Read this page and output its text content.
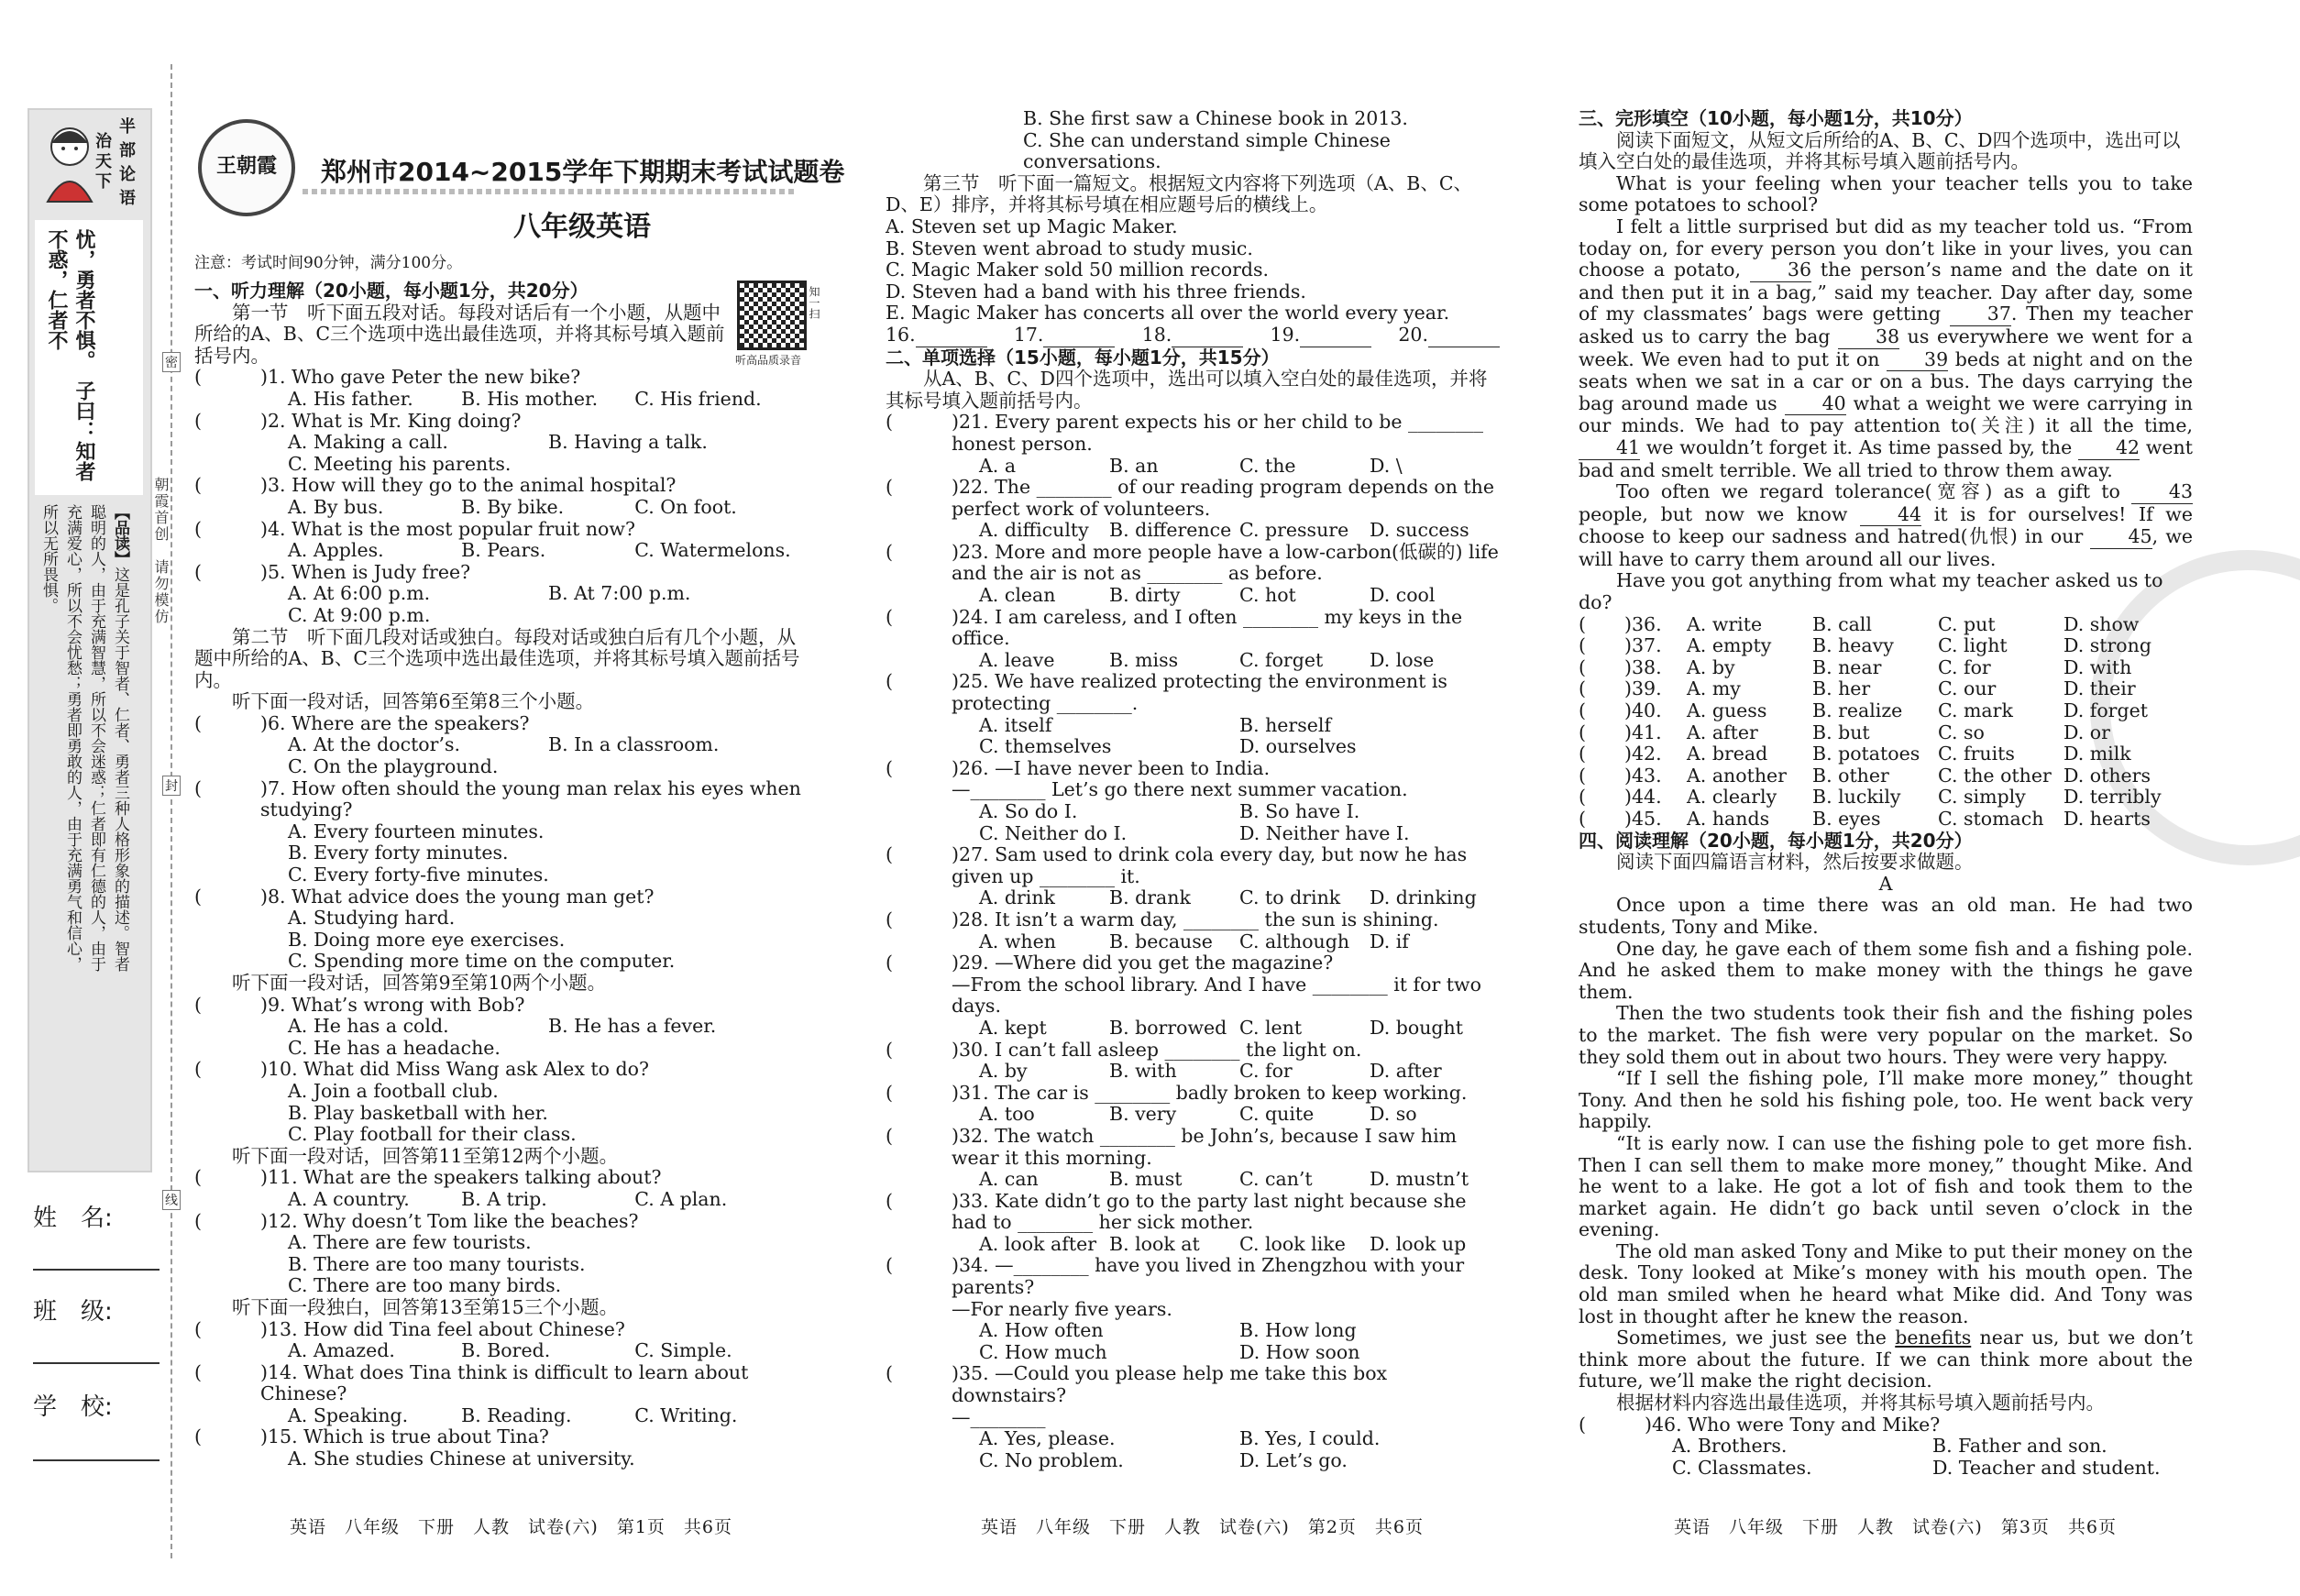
半
部
论
语
治天下
忧，勇者不惧。　子曰：知者不惑，仁者不
【品读】这是孔子关于智者、仁者、勇者三种人格形象的描述。智者聪明的人，由于充满智慧，所以不会迷惑；仁者即有仁德的人，由于充满爱心，所以不会忧愁；勇者即勇敢的人，由于充满勇气和信心，所以无所畏惧。	朝霞首创　请勿模仿
密
封
线
姓　名:
班　级:
学　校:
王朝霞	郑州市2014~2015学年下期期末考试试题卷
八年级英语
注意：考试时间90分钟，满分100分。
知一扫
听高品质录音
一、听力理解（20小题，每小题1分，共20分）

第一节　听下面五段对话。每段对话后有一个小题，从题中所给的A、B、C三个选项中选出最佳选项，并将其标号填入题前括号内。

(	)1. Who gave Peter the new bike?
A. His father.	B. His mother.	C. His friend.
(	)2. What is Mr. King doing?
A. Making a call.	B. Having a talk.
C. Meeting his parents.
(	)3. How will they go to the animal hospital?
A. By bus.	B. By bike.	C. On foot.
(	)4. What is the most popular fruit now?
A. Apples.	B. Pears.	C. Watermelons.
(	)5. When is Judy free?
A. At 6:00 p.m.	B. At 7:00 p.m.
C. At 9:00 p.m.

第二节　听下面几段对话或独白。每段对话或独白后有几个小题，从题中所给的A、B、C三个选项中选出最佳选项，并将其标号填入题前括号内。

听下面一段对话，回答第6至第8三个小题。

(	)6. Where are the speakers?
A. At the doctor’s.	B. In a classroom.
C. On the playground.
(	)7. How often should the young man relax his eyes when studying?
A. Every fourteen minutes.
B. Every forty minutes.
C. Every forty-five minutes.
(	)8. What advice does the young man get?
A. Studying hard.
B. Doing more eye exercises.
C. Spending more time on the computer.

听下面一段对话，回答第9至第10两个小题。

(	)9. What’s wrong with Bob?
A. He has a cold.	B. He has a fever.
C. He has a headache.
(	)10. What did Miss Wang ask Alex to do?
A. Join a football club.
B. Play basketball with her.
C. Play football for their class.

听下面一段对话，回答第11至第12两个小题。

(	)11. What are the speakers talking about?
A. A country.	B. A trip.	C. A plan.
(	)12. Why doesn’t Tom like the beaches?
A. There are few tourists.
B. There are too many tourists.
C. There are too many birds.

听下面一段独白，回答第13至第15三个小题。

(	)13. How did Tina feel about Chinese?
A. Amazed.	B. Bored.	C. Simple.
(	)14. What does Tina think is difficult to learn about Chinese?
A. Speaking.	B. Reading.	C. Writing.
(	)15. Which is true about Tina?
A. She studies Chinese at university.
B. She first saw a Chinese book in 2013.
C. She can understand simple Chinese conversations.

第三节　听下面一篇短文。根据短文内容将下列选项（A、B、C、D、E）排序，并将其标号填在相应题号后的横线上。

A. Steven set up Magic Maker.
B. Steven went abroad to study music.
C. Magic Maker sold 50 million records.
D. Steven had a band with his three friends.
E. Magic Maker has concerts all over the world every year.
16.	17.	18.	19.	20.
二、单项选择（15小题，每小题1分，共15分）

从A、B、C、D四个选项中，选出可以填入空白处的最佳选项，并将其标号填入题前括号内。

(	)21. Every parent expects his or her child to be ________ honest person.
A. a	B. an	C. the	D. \
(	)22. The ________ of our reading program depends on the perfect work of volunteers.
A. difficulty	B. difference C. pressure	D. success
(	)23. More and more people have a low-carbon(低碳的) life and the air is not as ________ as before.
A. clean	B. dirty	C. hot	D. cool
(	)24. I am careless, and I often ________ my keys in the office.
A. leave	B. miss	C. forget	D. lose
(	)25. We have realized protecting the environment is protecting ________.
A. itself	B. herself
C. themselves	D. ourselves
(	)26. —I have never been to India.
—________ Let’s go there next summer vacation.
A. So do I.	B. So have I.
C. Neither do I.	D. Neither have I.
(	)27. Sam used to drink cola every day, but now he has given up ________ it.
A. drink	B. drank	C. to drink	D. drinking
(	)28. It isn’t a warm day, ________ the sun is shining.
A. when	B. because	C. although	D. if
(	)29. —Where did you get the magazine?
—From the school library. And I have ________ it for two days.
A. kept	B. borrowed C. lent	D. bought
(	)30. I can’t fall asleep ________ the light on.
A. by	B. with	C. for	D. after
(	)31. The car is ________ badly broken to keep working.
A. too	B. very	C. quite	D. so
(	)32. The watch ________ be John’s, because I saw him wear it this morning.
A. can	B. must	C. can’t	D. mustn’t
(	)33. Kate didn’t go to the party last night because she had to ________ her sick mother.
A. look after B. look at	C. look like	D. look up
(	)34. —________ have you lived in Zhengzhou with your parents?
—For nearly five years.
A. How often	B. How long
C. How much	D. How soon
(	)35. —Could you please help me take this box downstairs?
—________
A. Yes, please.	B. Yes, I could.
C. No problem.	D. Let’s go.
三、完形填空（10小题，每小题1分，共10分）

阅读下面短文，从短文后所给的A、B、C、D四个选项中，选出可以填入空白处的最佳选项，并将其标号填入题前括号内。

What is your feeling when your teacher tells you to take some potatoes to school?

I felt a little surprised but did as my teacher told us. “From today on, for every person you don’t like in your lives, you can choose a potato, 36 the person’s name and the date on it and then put it in a bag,” said my teacher. Day after day, some of my classmates’ bags were getting 37. Then my teacher asked us to carry the bag 38 us everywhere we went for a week. We even had to put it on 39 beds at night and on the seats when we sat in a car or on a bus. The days carrying the bag around made us 40 what a weight we were carrying in our minds. We had to pay attention to(关注) it all the time, 41 we wouldn’t forget it. As time passed by, the 42 went bad and smelt terrible. We all tried to throw them away.

Too often we regard tolerance(宽容) as a gift to 43 people, but now we know 44 it is for ourselves! If we choose to keep our sadness and hatred(仇恨) in our 45, we will have to carry them around all our lives.

Have you got anything from what my teacher asked us to do?

(	)36.	A. write	B. call	C. put	D. show
(	)37.	A. empty	B. heavy	C. light	D. strong
(	)38.	A. by	B. near	C. for	D. with
(	)39.	A. my	B. her	C. our	D. their
(	)40.	A. guess	B. realize	C. mark	D. forget
(	)41.	A. after	B. but	C. so	D. or
(	)42.	A. bread	B. potatoes C. fruits	D. milk
(	)43.	A. another	B. other	C. the other D. others
(	)44.	A. clearly	B. luckily	C. simply	D. terribly
(	)45.	A. hands	B. eyes	C. stomach	D. hearts
四、阅读理解（20小题，每小题1分，共20分）

阅读下面四篇语言材料，然后按要求做题。

A

Once upon a time there was an old man. He had two students, Tony and Mike.

One day, he gave each of them some fish and a fishing pole. And he asked them to make money with the things he gave them.

Then the two students took their fish and the fishing poles to the market. The fish were very popular on the market. So they sold them out in about two hours. They were very happy.

“If I sell the fishing pole, I’ll make more money,” thought Tony. And then he sold his fishing pole, too. He went back very happily.

“It is early now. I can use the fishing pole to get more fish. Then I can sell them to make more money,” thought Mike. And he went to a lake. He got a lot of fish and took them to the market again. He didn’t go back until seven o’clock in the evening.

The old man asked Tony and Mike to put their money on the desk. Tony looked at Mike’s money with his mouth open. The old man smiled when he heard what Mike did. And Tony was lost in thought after he knew the reason.

Sometimes, we just see the benefits near us, but we don’t think more about the future. If we can think more about the future, we’ll make the right decision.

根据材料内容选出最佳选项，并将其标号填入题前括号内。

(	)46. Who were Tony and Mike?
A. Brothers.	B. Father and son.
C. Classmates.	D. Teacher and student.
英语　八年级　下册　人教　试卷(六)　第1页　共6页	英语　八年级　下册　人教　试卷(六)　第2页　共6页	英语　八年级　下册　人教　试卷(六)　第3页　共6页
